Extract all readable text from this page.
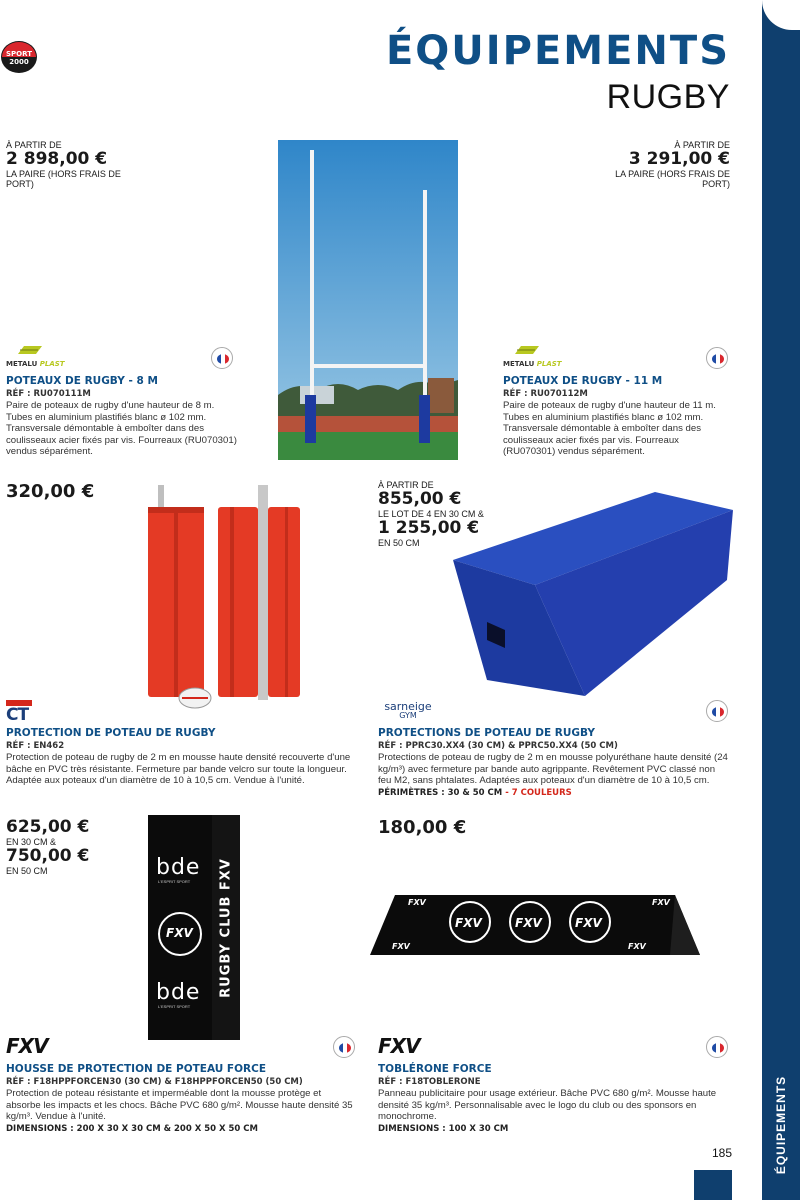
SPORT
2000	ÉQUIPEMENTS
RUGBY
ÉQUIPEMENTS
185
À PARTIR DE
2 898,00 €
LA PAIRE (HORS FRAIS DE PORT)
À PARTIR DE
3 291,00 €
LA PAIRE (HORS FRAIS DE PORT)
METALU PLAST
POTEAUX DE RUGBY - 8 M
RÉF : RU070111M
Paire de poteaux de rugby d'une hauteur de 8 m. Tubes en aluminium plastifiés blanc ø 102 mm. Transversale démontable à emboîter dans des coulisseaux acier fixés par vis. Fourreaux (RU070301) vendus séparément.
METALU PLAST
POTEAUX DE RUGBY - 11 M
RÉF : RU070112M
Paire de poteaux de rugby d'une hauteur de 11 m. Tubes en aluminium plastifiés blanc ø 102 mm. Transversale démontable à emboîter dans des coulisseaux acier fixés par vis. Fourreaux (RU070301) vendus séparément.
320,00 €	À PARTIR DE
855,00 €
LE LOT DE 4 EN 30 CM &
1 255,00 €
EN 50 CM
CT
PROTECTION DE POTEAU DE RUGBY
RÉF : EN462
Protection de poteau de rugby de 2 m en mousse haute densité recouverte d'une bâche en PVC très résistante. Fermeture par bande velcro sur toute la longueur. Adaptée aux poteaux d'un diamètre de 10 à 10,5 cm. Vendue à l'unité.
sarneige
GYM
PROTECTIONS DE POTEAU DE RUGBY
RÉF : PPRC30.XX4 (30 CM) & PPRC50.XX4 (50 CM)
Protections de poteau de rugby de 2 m en mousse polyuréthane haute densité (24 kg/m³) avec fermeture par bande auto agrippante. Revêtement PVC classé non feu M2, sans phtalates. Adaptées aux poteaux d'un diamètre de 10 à 10,5 cm.
PÉRIMÈTRES : 30 & 50 CM - 7 COULEURS
625,00 €
EN 30 CM &
750,00 €
EN 50 CM	bde
L'ESPRIT SPORT
FXV
bde
L'ESPRIT SPORT
RUGBY CLUB FXV
180,00 €
FXV
FXV	FXV	FXV
FXV
FXV	FXV
FXV
HOUSSE DE PROTECTION DE POTEAU FORCE
RÉF : F18HPPFORCEN30 (30 CM) & F18HPPFORCEN50 (50 CM)
Protection de poteau résistante et imperméable dont la mousse protège et absorbe les impacts et les chocs. Bâche PVC 680 g/m². Mousse haute densité 35 kg/m³. Vendue à l'unité.
DIMENSIONS : 200 X 30 X 30 CM & 200 X 50 X 50 CM
FXV
TOBLÉRONE FORCE
RÉF : F18TOBLERONE
Panneau publicitaire pour usage extérieur. Bâche PVC 680 g/m². Mousse haute densité 35 kg/m³. Personnalisable avec le logo du club ou des sponsors en monochrome.
DIMENSIONS : 100 X 30 CM
